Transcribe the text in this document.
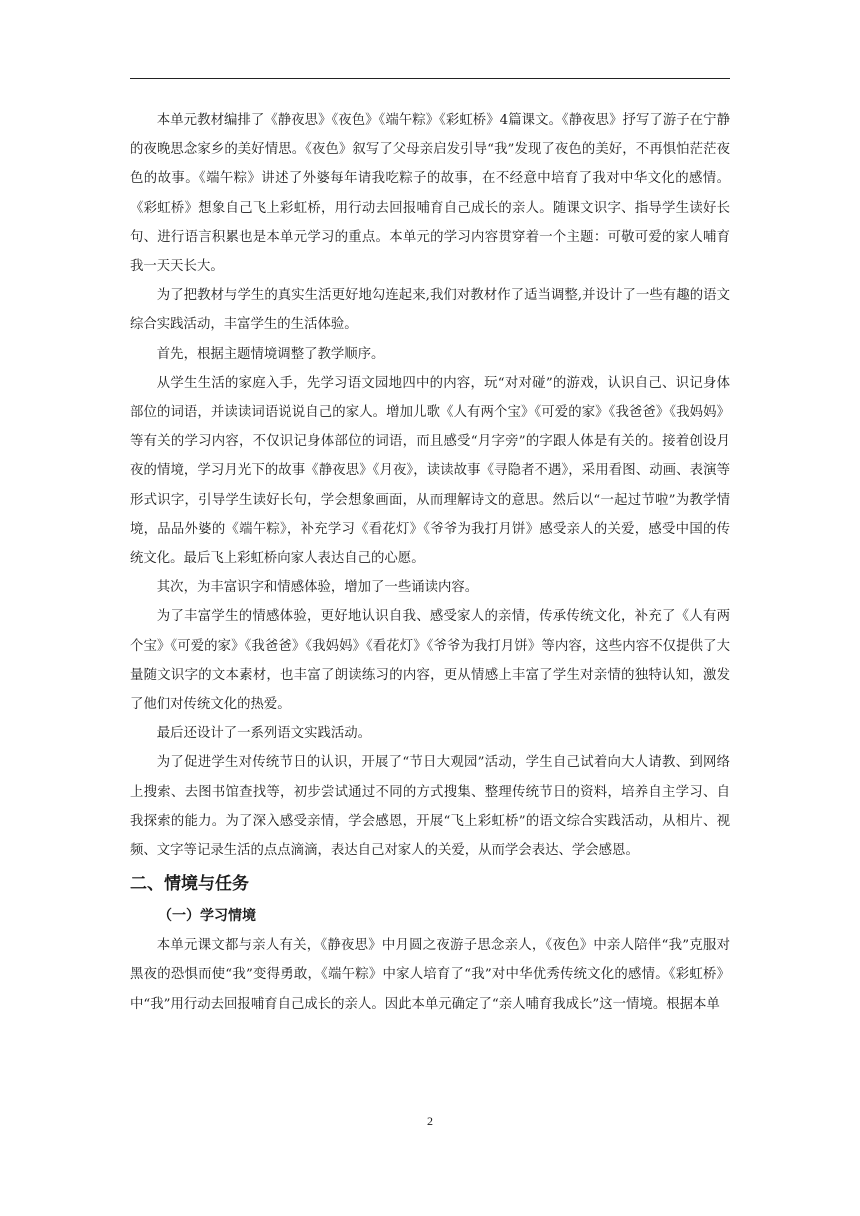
本单元教材编排了《静夜思》《夜色》《端午粽》《彩虹桥》4篇课文。《静夜思》抒写了游子在宁静的夜晚思念家乡的美好情思。《夜色》叙写了父母亲启发引导“我”发现了夜色的美好，不再惧怕茫茫夜色的故事。《端午粽》讲述了外婆每年请我吃粽子的故事，在不经意中培育了我对中华文化的感情。《彩虹桥》想象自己飞上彩虹桥，用行动去回报哺育自己成长的亲人。随课文识字、指导学生读好长句、进行语言积累也是本单元学习的重点。本单元的学习内容贯穿着一个主题：可敬可爱的家人哺育我一天天长大。

为了把教材与学生的真实生活更好地勾连起来,我们对教材作了适当调整,并设计了一些有趣的语文综合实践活动，丰富学生的生活体验。

首先，根据主题情境调整了教学顺序。

从学生生活的家庭入手，先学习语文园地四中的内容，玩“对对碰”的游戏，认识自己、识记身体部位的词语，并读读词语说说自己的家人。增加儿歌《人有两个宝》《可爱的家》《我爸爸》《我妈妈》等有关的学习内容，不仅识记身体部位的词语，而且感受“月字旁”的字跟人体是有关的。接着创设月夜的情境，学习月光下的故事《静夜思》《月夜》，读读故事《寻隐者不遇》，采用看图、动画、表演等形式识字，引导学生读好长句，学会想象画面，从而理解诗文的意思。然后以“一起过节啦”为教学情境，品品外婆的《端午粽》，补充学习《看花灯》《爷爷为我打月饼》感受亲人的关爱，感受中国的传统文化。最后飞上彩虹桥向家人表达自己的心愿。

其次，为丰富识字和情感体验，增加了一些诵读内容。

为了丰富学生的情感体验，更好地认识自我、感受家人的亲情，传承传统文化，补充了《人有两个宝》《可爱的家》《我爸爸》《我妈妈》《看花灯》《爷爷为我打月饼》等内容，这些内容不仅提供了大量随文识字的文本素材，也丰富了朗读练习的内容，更从情感上丰富了学生对亲情的独特认知，激发了他们对传统文化的热爱。

最后还设计了一系列语文实践活动。

为了促进学生对传统节日的认识，开展了“节日大观园”活动，学生自己试着向大人请教、到网络上搜索、去图书馆查找等，初步尝试通过不同的方式搜集、整理传统节日的资料，培养自主学习、自我探索的能力。为了深入感受亲情，学会感恩，开展“飞上彩虹桥”的语文综合实践活动，从相片、视频、文字等记录生活的点点滴滴，表达自己对家人的关爱，从而学会表达、学会感恩。

二、情境与任务
（一）学习情境

本单元课文都与亲人有关，《静夜思》中月圆之夜游子思念亲人，《夜色》中亲人陪伴“我”克服对黑夜的恐惧而使“我”变得勇敢，《端午粽》中家人培育了“我”对中华优秀传统文化的感情。《彩虹桥》中“我”用行动去回报哺育自己成长的亲人。因此本单元确定了“亲人哺育我成长”这一情境。根据本单

2
